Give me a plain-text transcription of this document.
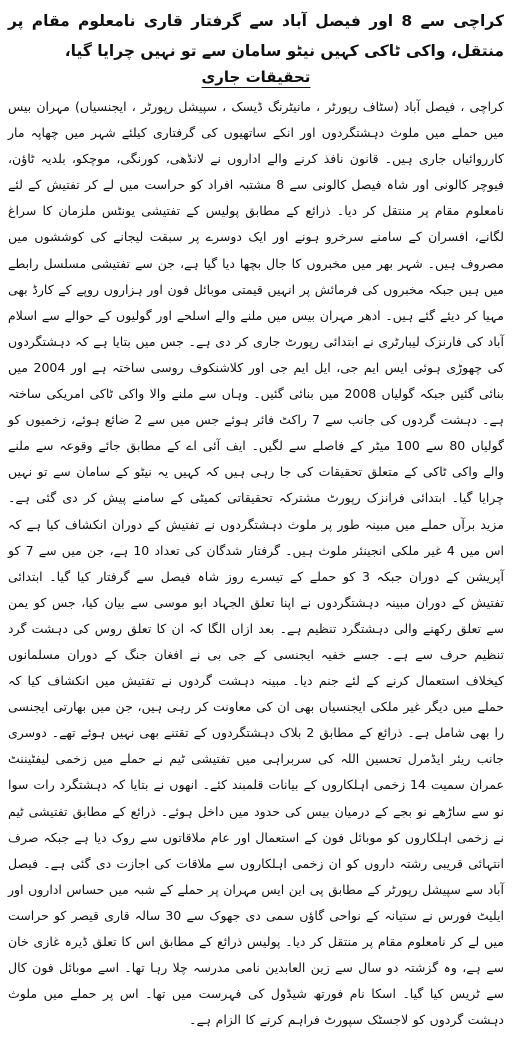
کراچی سے 8 اور فیصل آباد سے گرفتار قاری نامعلوم مقام پر منتقل، واکی ٹاکی کہیں نیٹو سامان سے تو نہیں چرایا گیا،
تحقیقات جاری

کراچی ، فیصل آباد (سٹاف رپورٹر ، مانیٹرنگ ڈیسک ، سپیشل رپورٹر ، ایجنسیاں) مہران بیس میں حملے میں ملوث دہشتگردوں اور انکے ساتھیوں کی گرفتاری کیلئے شہر میں چھاپہ مار کارروائیاں جاری ہیں۔ قانون نافذ کرنے والے اداروں نے لانڈھی، کورنگی، موچکو، بلدیہ ٹاؤن، فیوچر کالونی اور شاہ فیصل کالونی سے 8 مشتبہ افراد کو حراست میں لے کر تفتیش کے لئے نامعلوم مقام پر منتقل کر دیا۔ ذرائع کے مطابق پولیس کے تفتیشی یونٹس ملزمان کا سراغ لگانے، افسران کے سامنے سرخرو ہونے اور ایک دوسرے پر سبقت لیجانے کی کوششوں میں مصروف ہیں۔ شہر بھر میں مخبروں کا جال بچھا دیا گیا ہے، جن سے تفتیشی مسلسل رابطے میں ہیں جبکہ مخبروں کی فرمائش پر انہیں قیمتی موبائل فون اور ہزاروں روپے کے کارڈ بھی مہیا کر دیئے گئے ہیں۔ ادھر مہران بیس میں ملنے والے اسلحے اور گولیوں کے حوالے سے اسلام آباد کی فارنزک لیبارٹری نے ابتدائی رپورٹ جاری کر دی ہے۔ جس میں بتایا ہے کہ دہشتگردوں کی چھوڑی ہوئی ایس ایم جی، ایل ایم جی اور کلاشنکوف روسی ساختہ ہے اور 2004 میں بنائی گئیں جبکہ گولیاں 2008 میں بنائی گئیں۔ وہاں سے ملنے والا واکی ٹاکی امریکی ساختہ ہے۔ دہشت گردوں کی جانب سے 7 راکٹ فائر ہوئے جس میں سے 2 ضائع ہوئے، زخمیوں کو گولیاں 80 سے 100 میٹر کے فاصلے سے لگیں۔ ایف آئی اے کے مطابق جائے وقوعہ سے ملنے والے واکی ٹاکی کے متعلق تحقیقات کی جا رہی ہیں کہ کہیں یہ نیٹو کے سامان سے تو نہیں چرایا گیا۔ ابتدائی فرانزک رپورٹ مشترکہ تحقیقاتی کمیٹی کے سامنے پیش کر دی گئی ہے۔ مزید برآں حملے میں مبینہ طور پر ملوث دہشتگردوں نے تفتیش کے دوران انکشاف کیا ہے کہ اس میں 4 غیر ملکی انجینئر ملوث ہیں۔ گرفتار شدگان کی تعداد 10 ہے، جن میں سے 7 کو آپریشن کے دوران جبکہ 3 کو حملے کے تیسرے روز شاہ فیصل سے گرفتار کیا گیا۔ ابتدائی تفتیش کے دوران مبینہ دہشتگردوں نے اپنا تعلق الجہاد ابو موسی سے بیان کیا، جس کو یمن سے تعلق رکھنے والی دہشتگرد تنظیم ہے۔ بعد ازاں الگا کہ ان کا تعلق روس کی دہشت گرد تنظیم حرف سے ہے۔ جسے خفیہ ایجنسی کے جی بی نے افغان جنگ کے دوران مسلمانوں کیخلاف استعمال کرنے کے لئے جنم دیا۔ مبینہ دہشت گردوں نے تفتیش میں انکشاف کیا کہ حملے میں دیگر غیر ملکی ایجنسیاں بھی ان کی معاونت کر رہی ہیں، جن میں بھارتی ایجنسی را بھی شامل ہے۔ ذرائع کے مطابق 2 بلاک دہشتگردوں کے تقتنے بھی نہیں ہوئے تھے۔ دوسری جانب ریئر ایڈمرل تحسین اللہ کی سربراہی میں تفتیشی ٹیم نے حملے میں زخمی لیفٹیننٹ عمران سمیت 14 زخمی اہلکاروں کے بیانات قلمبند کئے۔ انھوں نے بتایا کہ دہشتگرد رات سوا نو سے ساڑھے نو بجے کے درمیان بیس کی حدود میں داخل ہوئے۔ ذرائع کے مطابق تفتیشی ٹیم نے زخمی اہلکاروں کو موبائل فون کے استعمال اور عام ملاقاتوں سے روک دیا ہے جبکہ صرف انتہائی قریبی رشتہ داروں کو ان زخمی اہلکاروں سے ملاقات کی اجازت دی گئی ہے۔ فیصل آباد سے سپیشل رپورٹر کے مطابق پی این ایس مہران پر حملے کے شبہ میں حساس اداروں اور ایلیٹ فورس نے ستیانہ کے نواحی گاؤں سمی دی جھوک سے 30 سالہ قاری قیصر کو حراست میں لے کر نامعلوم مقام پر منتقل کر دیا۔ پولیس ذرائع کے مطابق اس کا تعلق ڈیرہ غازی خان سے ہے، وہ گزشتہ دو سال سے زین العابدین نامی مدرسہ چلا رہا تھا۔ اسے موبائل فون کال سے ٹریس کیا گیا۔ اسکا نام فورتھ شیڈول کی فہرست میں تھا۔ اس پر حملے میں ملوث دہشت گردوں کو لاجسٹک سپورٹ فراہم کرنے کا الزام ہے۔
